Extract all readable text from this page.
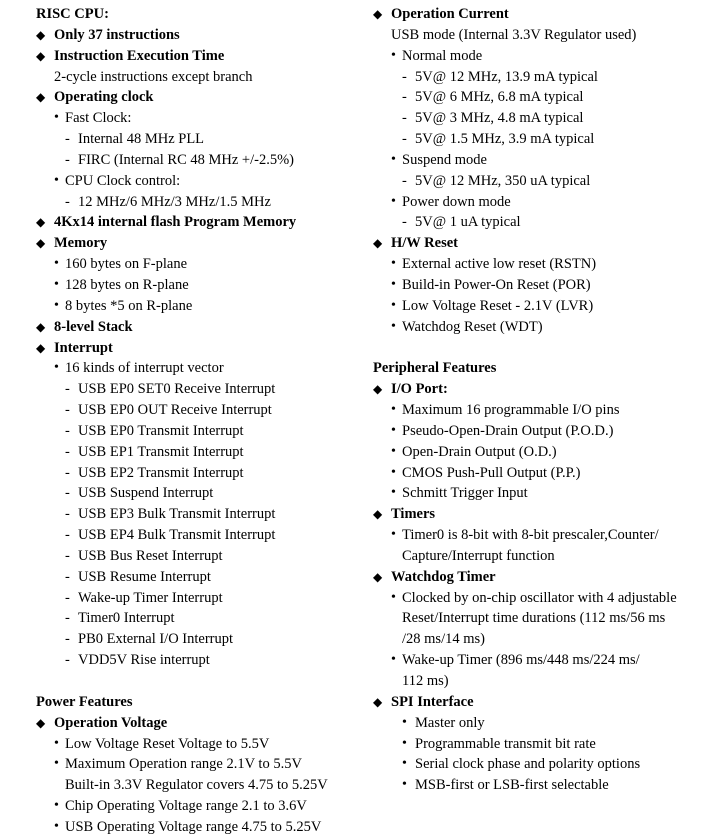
RISC CPU:
◆ Only 37 instructions
◆ Instruction Execution Time
2-cycle instructions except branch
◆ Operating clock
• Fast Clock:
- Internal 48 MHz PLL
- FIRC (Internal RC 48 MHz +/-2.5%)
• CPU Clock control:
- 12 MHz/6 MHz/3 MHz/1.5 MHz
◆ 4Kx14 internal flash Program Memory
◆ Memory
• 160 bytes on F-plane
• 128 bytes on R-plane
• 8 bytes *5 on R-plane
◆ 8-level Stack
◆ Interrupt
• 16 kinds of interrupt vector
- USB EP0 SET0 Receive Interrupt
- USB EP0 OUT Receive Interrupt
- USB EP0 Transmit Interrupt
- USB EP1 Transmit Interrupt
- USB EP2 Transmit Interrupt
- USB Suspend Interrupt
- USB EP3 Bulk Transmit Interrupt
- USB EP4 Bulk Transmit Interrupt
- USB Bus Reset Interrupt
- USB Resume Interrupt
- Wake-up Timer Interrupt
- Timer0 Interrupt
- PB0 External I/O Interrupt
- VDD5V Rise interrupt
Power Features
◆ Operation Voltage
• Low Voltage Reset Voltage to 5.5V
• Maximum Operation range 2.1V to 5.5V
Built-in 3.3V Regulator covers 4.75 to 5.25V
• Chip Operating Voltage range 2.1 to 3.6V
• USB Operating Voltage range 4.75 to 5.25V
◆ Operation Current
USB mode (Internal 3.3V Regulator used)
• Normal mode
- 5V@ 12 MHz, 13.9 mA typical
- 5V@ 6 MHz, 6.8 mA typical
- 5V@ 3 MHz, 4.8 mA typical
- 5V@ 1.5 MHz, 3.9 mA typical
• Suspend mode
- 5V@ 12 MHz, 350 uA typical
• Power down mode
- 5V@ 1 uA typical
◆ H/W Reset
• External active low reset (RSTN)
• Build-in Power-On Reset (POR)
• Low Voltage Reset - 2.1V (LVR)
• Watchdog Reset (WDT)
Peripheral Features
◆ I/O Port:
• Maximum 16 programmable I/O pins
• Pseudo-Open-Drain Output (P.O.D.)
• Open-Drain Output (O.D.)
• CMOS Push-Pull Output (P.P.)
• Schmitt Trigger Input
◆ Timers
• Timer0 is 8-bit with 8-bit prescaler,Counter/
Capture/Interrupt function
◆ Watchdog Timer
• Clocked by on-chip oscillator with 4 adjustable
Reset/Interrupt time durations (112 ms/56 ms
/28 ms/14 ms)
• Wake-up Timer (896 ms/448 ms/224 ms/
112 ms)
◆ SPI Interface
• Master only
• Programmable transmit bit rate
• Serial clock phase and polarity options
• MSB-first or LSB-first selectable
